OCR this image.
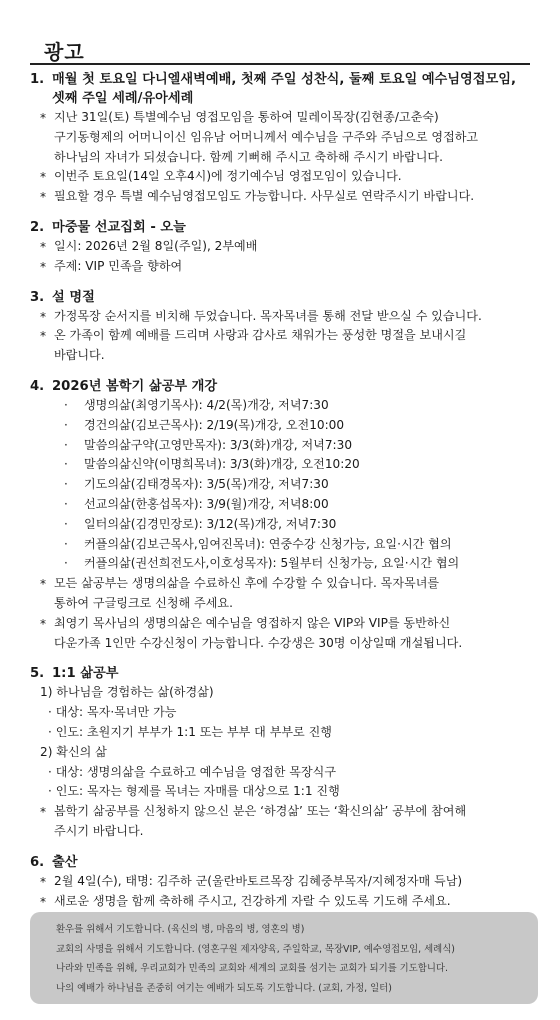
광고

1. 매월 첫 토요일 다니엘새벽예배, 첫째 주일 성찬식, 둘째 토요일 예수님영접모임,

셋째 주일 세례/유아세례

* 지난 31일(토) 특별예수님 영접모임을 통하여 밀레이목장(김현종/고춘숙)

구기동형제의 어머니이신 임유남 어머니께서 예수님을 구주와 주님으로 영접하고

하나님의 자녀가 되셨습니다. 함께 기뻐해 주시고 축하해 주시기 바랍니다.

* 이번주 토요일(14일 오후4시)에 정기예수님 영접모임이 있습니다.

* 필요할 경우 특별 예수님영접모임도 가능합니다. 사무실로 연락주시기 바랍니다.

2. 마중물 선교집회 - 오늘

* 일시: 2026년 2월 8일(주일), 2부예배

* 주제: VIP 민족을 향하여

3. 설 명절

* 가정목장 순서지를 비치해 두었습니다. 목자목녀를 통해 전달 받으실 수 있습니다.

* 온 가족이 함께 예배를 드리며 사랑과 감사로 채워가는 풍성한 명절을 보내시길

바랍니다.

4. 2026년 봄학기 삶공부 개강

· 생명의삶(최영기목사): 4/2(목)개강, 저녁7:30

· 경건의삶(김보근목사): 2/19(목)개강, 오전10:00

· 말씀의삶구약(고영만목자): 3/3(화)개강, 저녁7:30

· 말씀의삶신약(이명희목녀): 3/3(화)개강, 오전10:20

· 기도의삶(김태경목자): 3/5(목)개강, 저녁7:30

· 선교의삶(한홍섭목자): 3/9(월)개강, 저녁8:00

· 일터의삶(김경민장로): 3/12(목)개강, 저녁7:30

· 커플의삶(김보근목사,임여진목녀): 연중수강 신청가능, 요일·시간 협의

· 커플의삶(권선희전도사,이호성목자): 5월부터 신청가능, 요일·시간 협의

* 모든 삶공부는 생명의삶을 수료하신 후에 수강할 수 있습니다. 목자목녀를

통하여 구글링크로 신청해 주세요.

* 최영기 목사님의 생명의삶은 예수님을 영접하지 않은 VIP와 VIP를 동반하신

다운가족 1인만 수강신청이 가능합니다. 수강생은 30명 이상일때 개설됩니다.

5. 1:1 삶공부

1) 하나님을 경험하는 삶(하경삶)

· 대상: 목자·목녀만 가능

· 인도: 초원지기 부부가 1:1 또는 부부 대 부부로 진행

2) 확신의 삶

· 대상: 생명의삶을 수료하고 예수님을 영접한 목장식구

· 인도: 목자는 형제를 목녀는 자매를 대상으로 1:1 진행

* 봄학기 삶공부를 신청하지 않으신 분은 ‘하경삶’ 또는 ‘확신의삶’ 공부에 참여해

주시기 바랍니다.

6. 출산

* 2월 4일(수), 태명: 김주하 군(울란바토르목장 김혜중부목자/지혜정자매 득남)

* 새로운 생명을 함께 축하해 주시고, 건강하게 자랄 수 있도록 기도해 주세요.

환우를 위해서 기도합니다. (육신의 병, 마음의 병, 영혼의 병)

교회의 사명을 위해서 기도합니다. (영혼구원 제자양육, 주일학교, 목장VIP, 예수영접모임, 세례식)

나라와 민족을 위해, 우리교회가 민족의 교회와 세계의 교회를 섬기는 교회가 되기를 기도합니다.

나의 예배가 하나님을 존중히 여기는 예배가 되도록 기도합니다. (교회, 가정, 일터)
